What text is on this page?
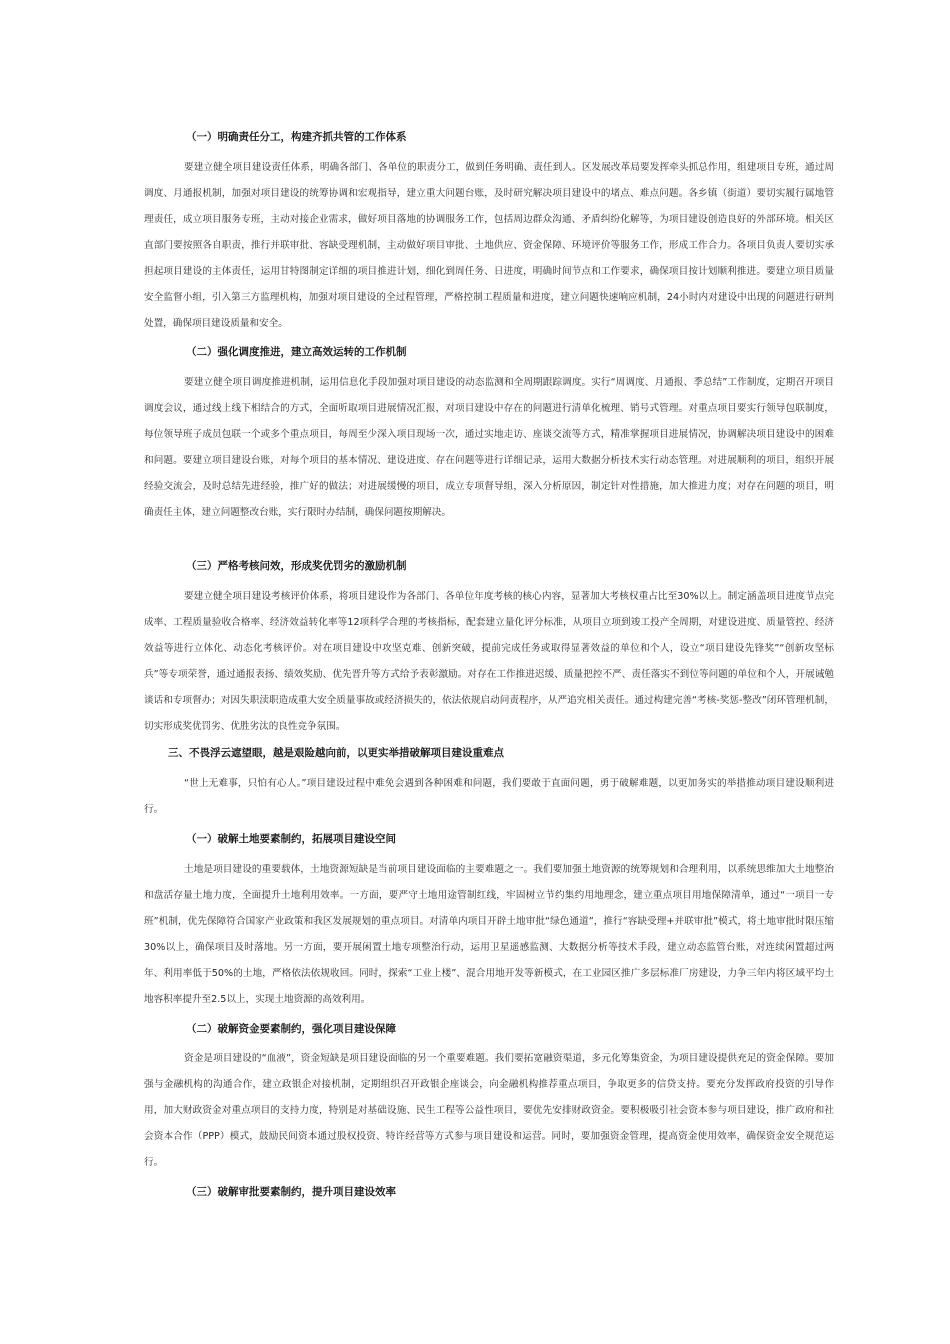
（一）明确责任分工，构建齐抓共管的工作体系

要建立健全项目建设责任体系，明确各部门、各单位的职责分工，做到任务明确、责任到人。区发展改革局要发挥牵头抓总作用，组建项目专班，通过周调度、月通报机制，加强对项目建设的统筹协调和宏观指导，建立重大问题台账，及时研究解决项目建设中的堵点、难点问题。各乡镇（街道）要切实履行属地管理责任，成立项目服务专班，主动对接企业需求，做好项目落地的协调服务工作，包括周边群众沟通、矛盾纠纷化解等，为项目建设创造良好的外部环境。相关区直部门要按照各自职责，推行并联审批、容缺受理机制，主动做好项目审批、土地供应、资金保障、环境评价等服务工作，形成工作合力。各项目负责人要切实承担起项目建设的主体责任，运用甘特图制定详细的项目推进计划，细化到周任务、日进度，明确时间节点和工作要求，确保项目按计划顺利推进。要建立项目质量安全监督小组，引入第三方监理机构，加强对项目建设的全过程管理，严格控制工程质量和进度，建立问题快速响应机制，24小时内对建设中出现的问题进行研判处置，确保项目建设质量和安全。

（二）强化调度推进，建立高效运转的工作机制

要建立健全项目调度推进机制，运用信息化手段加强对项目建设的动态监测和全周期跟踪调度。实行“周调度、月通报、季总结”工作制度，定期召开项目调度会议，通过线上线下相结合的方式，全面听取项目进展情况汇报，对项目建设中存在的问题进行清单化梳理、销号式管理。对重点项目要实行领导包联制度，每位领导班子成员包联一个或多个重点项目，每周至少深入项目现场一次，通过实地走访、座谈交流等方式，精准掌握项目进展情况，协调解决项目建设中的困难和问题。要建立项目建设台账，对每个项目的基本情况、建设进度、存在问题等进行详细记录，运用大数据分析技术实行动态管理。对进展顺利的项目，组织开展经验交流会，及时总结先进经验，推广好的做法；对进展缓慢的项目，成立专项督导组，深入分析原因，制定针对性措施，加大推进力度；对存在问题的项目，明确责任主体，建立问题整改台账，实行限时办结制，确保问题按期解决。

（三）严格考核问效，形成奖优罚劣的激励机制

要建立健全项目建设考核评价体系，将项目建设作为各部门、各单位年度考核的核心内容，显著加大考核权重占比至30%以上。制定涵盖项目进度节点完成率、工程质量验收合格率、经济效益转化率等12项科学合理的考核指标，配套建立量化评分标准，从项目立项到竣工投产全周期，对建设进度、质量管控、经济效益等进行立体化、动态化考核评价。对在项目建设中攻坚克难、创新突破，提前完成任务或取得显著效益的单位和个人，设立“项目建设先锋奖”“创新攻坚标兵”等专项荣誉，通过通报表扬、绩效奖励、优先晋升等方式给予表彰激励。对存在工作推进迟缓、质量把控不严、责任落实不到位等问题的单位和个人，开展诫勉谈话和专项督办；对因失职渎职造成重大安全质量事故或经济损失的，依法依规启动问责程序，从严追究相关责任。通过构建完善“考核-奖惩-整改”闭环管理机制，切实形成奖优罚劣、优胜劣汰的良性竞争氛围。

三、不畏浮云遮望眼，越是艰险越向前，以更实举措破解项目建设重难点

“世上无难事，只怕有心人。”项目建设过程中难免会遇到各种困难和问题，我们要敢于直面问题，勇于破解难题，以更加务实的举措推动项目建设顺利进行。

（一）破解土地要素制约，拓展项目建设空间

土地是项目建设的重要载体，土地资源短缺是当前项目建设面临的主要难题之一。我们要加强土地资源的统筹规划和合理利用，以系统思维加大土地整治和盘活存量土地力度，全面提升土地利用效率。一方面，要严守土地用途管制红线，牢固树立节约集约用地理念，建立重点项目用地保障清单，通过“一项目一专班”机制，优先保障符合国家产业政策和我区发展规划的重点项目。对清单内项目开辟土地审批“绿色通道”，推行“容缺受理+并联审批”模式，将土地审批时限压缩30%以上，确保项目及时落地。另一方面，要开展闲置土地专项整治行动，运用卫星遥感监测、大数据分析等技术手段，建立动态监管台账，对连续闲置超过两年、利用率低于50%的土地，严格依法依规收回。同时，探索“工业上楼”、混合用地开发等新模式，在工业园区推广多层标准厂房建设，力争三年内将区域平均土地容积率提升至2.5以上，实现土地资源的高效利用。

（二）破解资金要素制约，强化项目建设保障

资金是项目建设的“血液”，资金短缺是项目建设面临的另一个重要难题。我们要拓宽融资渠道，多元化筹集资金，为项目建设提供充足的资金保障。要加强与金融机构的沟通合作，建立政银企对接机制，定期组织召开政银企座谈会，向金融机构推荐重点项目，争取更多的信贷支持。要充分发挥政府投资的引导作用，加大财政资金对重点项目的支持力度，特别是对基础设施、民生工程等公益性项目，要优先安排财政资金。要积极吸引社会资本参与项目建设，推广政府和社会资本合作（PPP）模式，鼓励民间资本通过股权投资、特许经营等方式参与项目建设和运营。同时，要加强资金管理，提高资金使用效率，确保资金安全规范运行。

（三）破解审批要素制约，提升项目建设效率
